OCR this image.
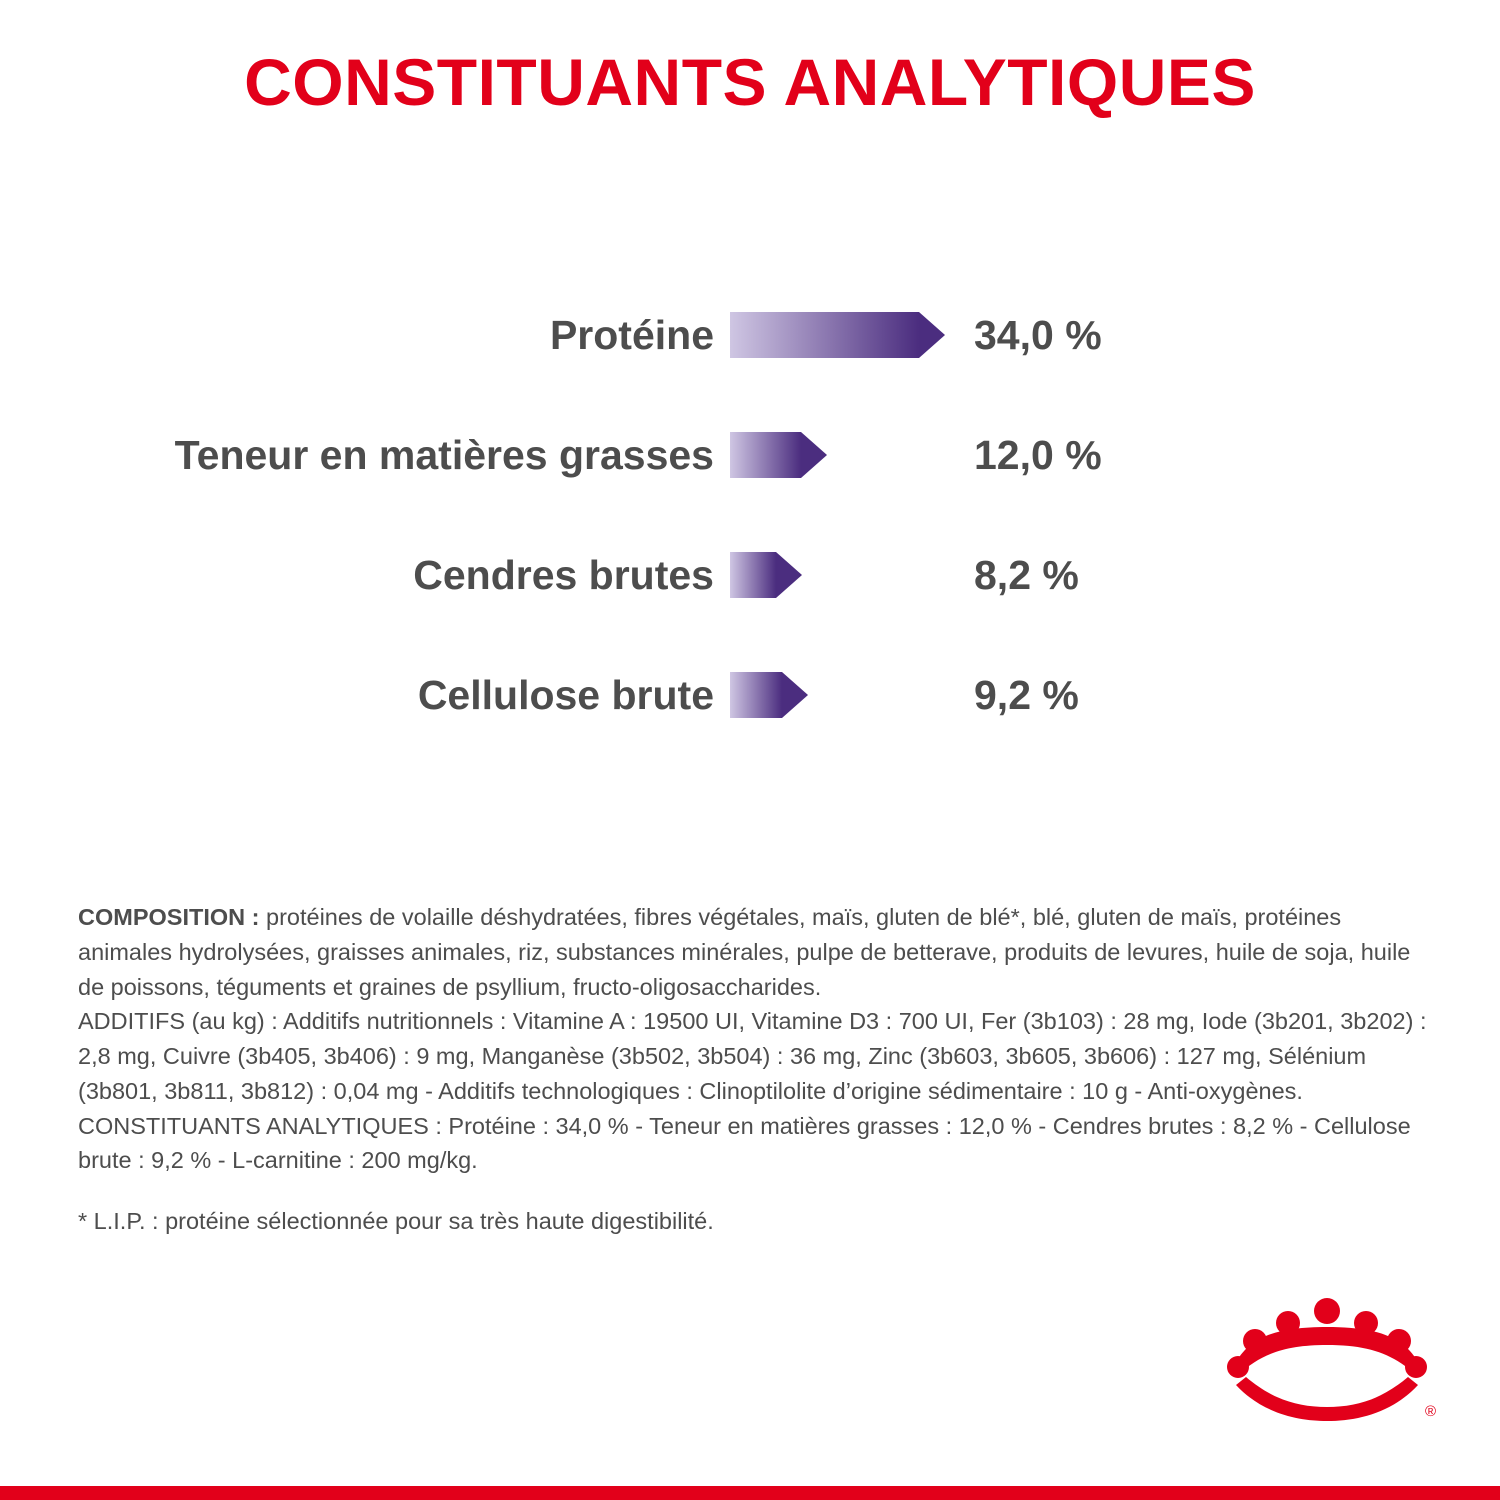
CONSTITUANTS ANALYTIQUES
Protéine	34,0 %
Teneur en matières grasses	12,0 %
Cendres brutes	8,2 %
Cellulose brute	9,2 %

COMPOSITION : protéines de volaille déshydratées, fibres végétales, maïs, gluten de blé*, blé, gluten de maïs, protéines animales hydrolysées, graisses animales, riz, substances minérales, pulpe de betterave, produits de levures, huile de soja, huile de poissons, téguments et graines de psyllium, fructo-oligosaccharides.

ADDITIFS (au kg) : Additifs nutritionnels : Vitamine A : 19500 UI, Vitamine D3 : 700 UI, Fer (3b103) : 28 mg, Iode (3b201, 3b202) : 2,8 mg, Cuivre (3b405, 3b406) : 9 mg, Manganèse (3b502, 3b504) : 36 mg, Zinc (3b603, 3b605, 3b606) : 127 mg, Sélénium (3b801, 3b811, 3b812) : 0,04 mg - Additifs technologiques : Clinoptilolite d’origine sédimentaire : 10 g - Anti-oxygènes.

CONSTITUANTS ANALYTIQUES : Protéine : 34,0 % - Teneur en matières grasses : 12,0 % - Cendres brutes : 8,2 % - Cellulose brute : 9,2 % - L-carnitine : 200 mg/kg.

* L.I.P. : protéine sélectionnée pour sa très haute digestibilité.

®
